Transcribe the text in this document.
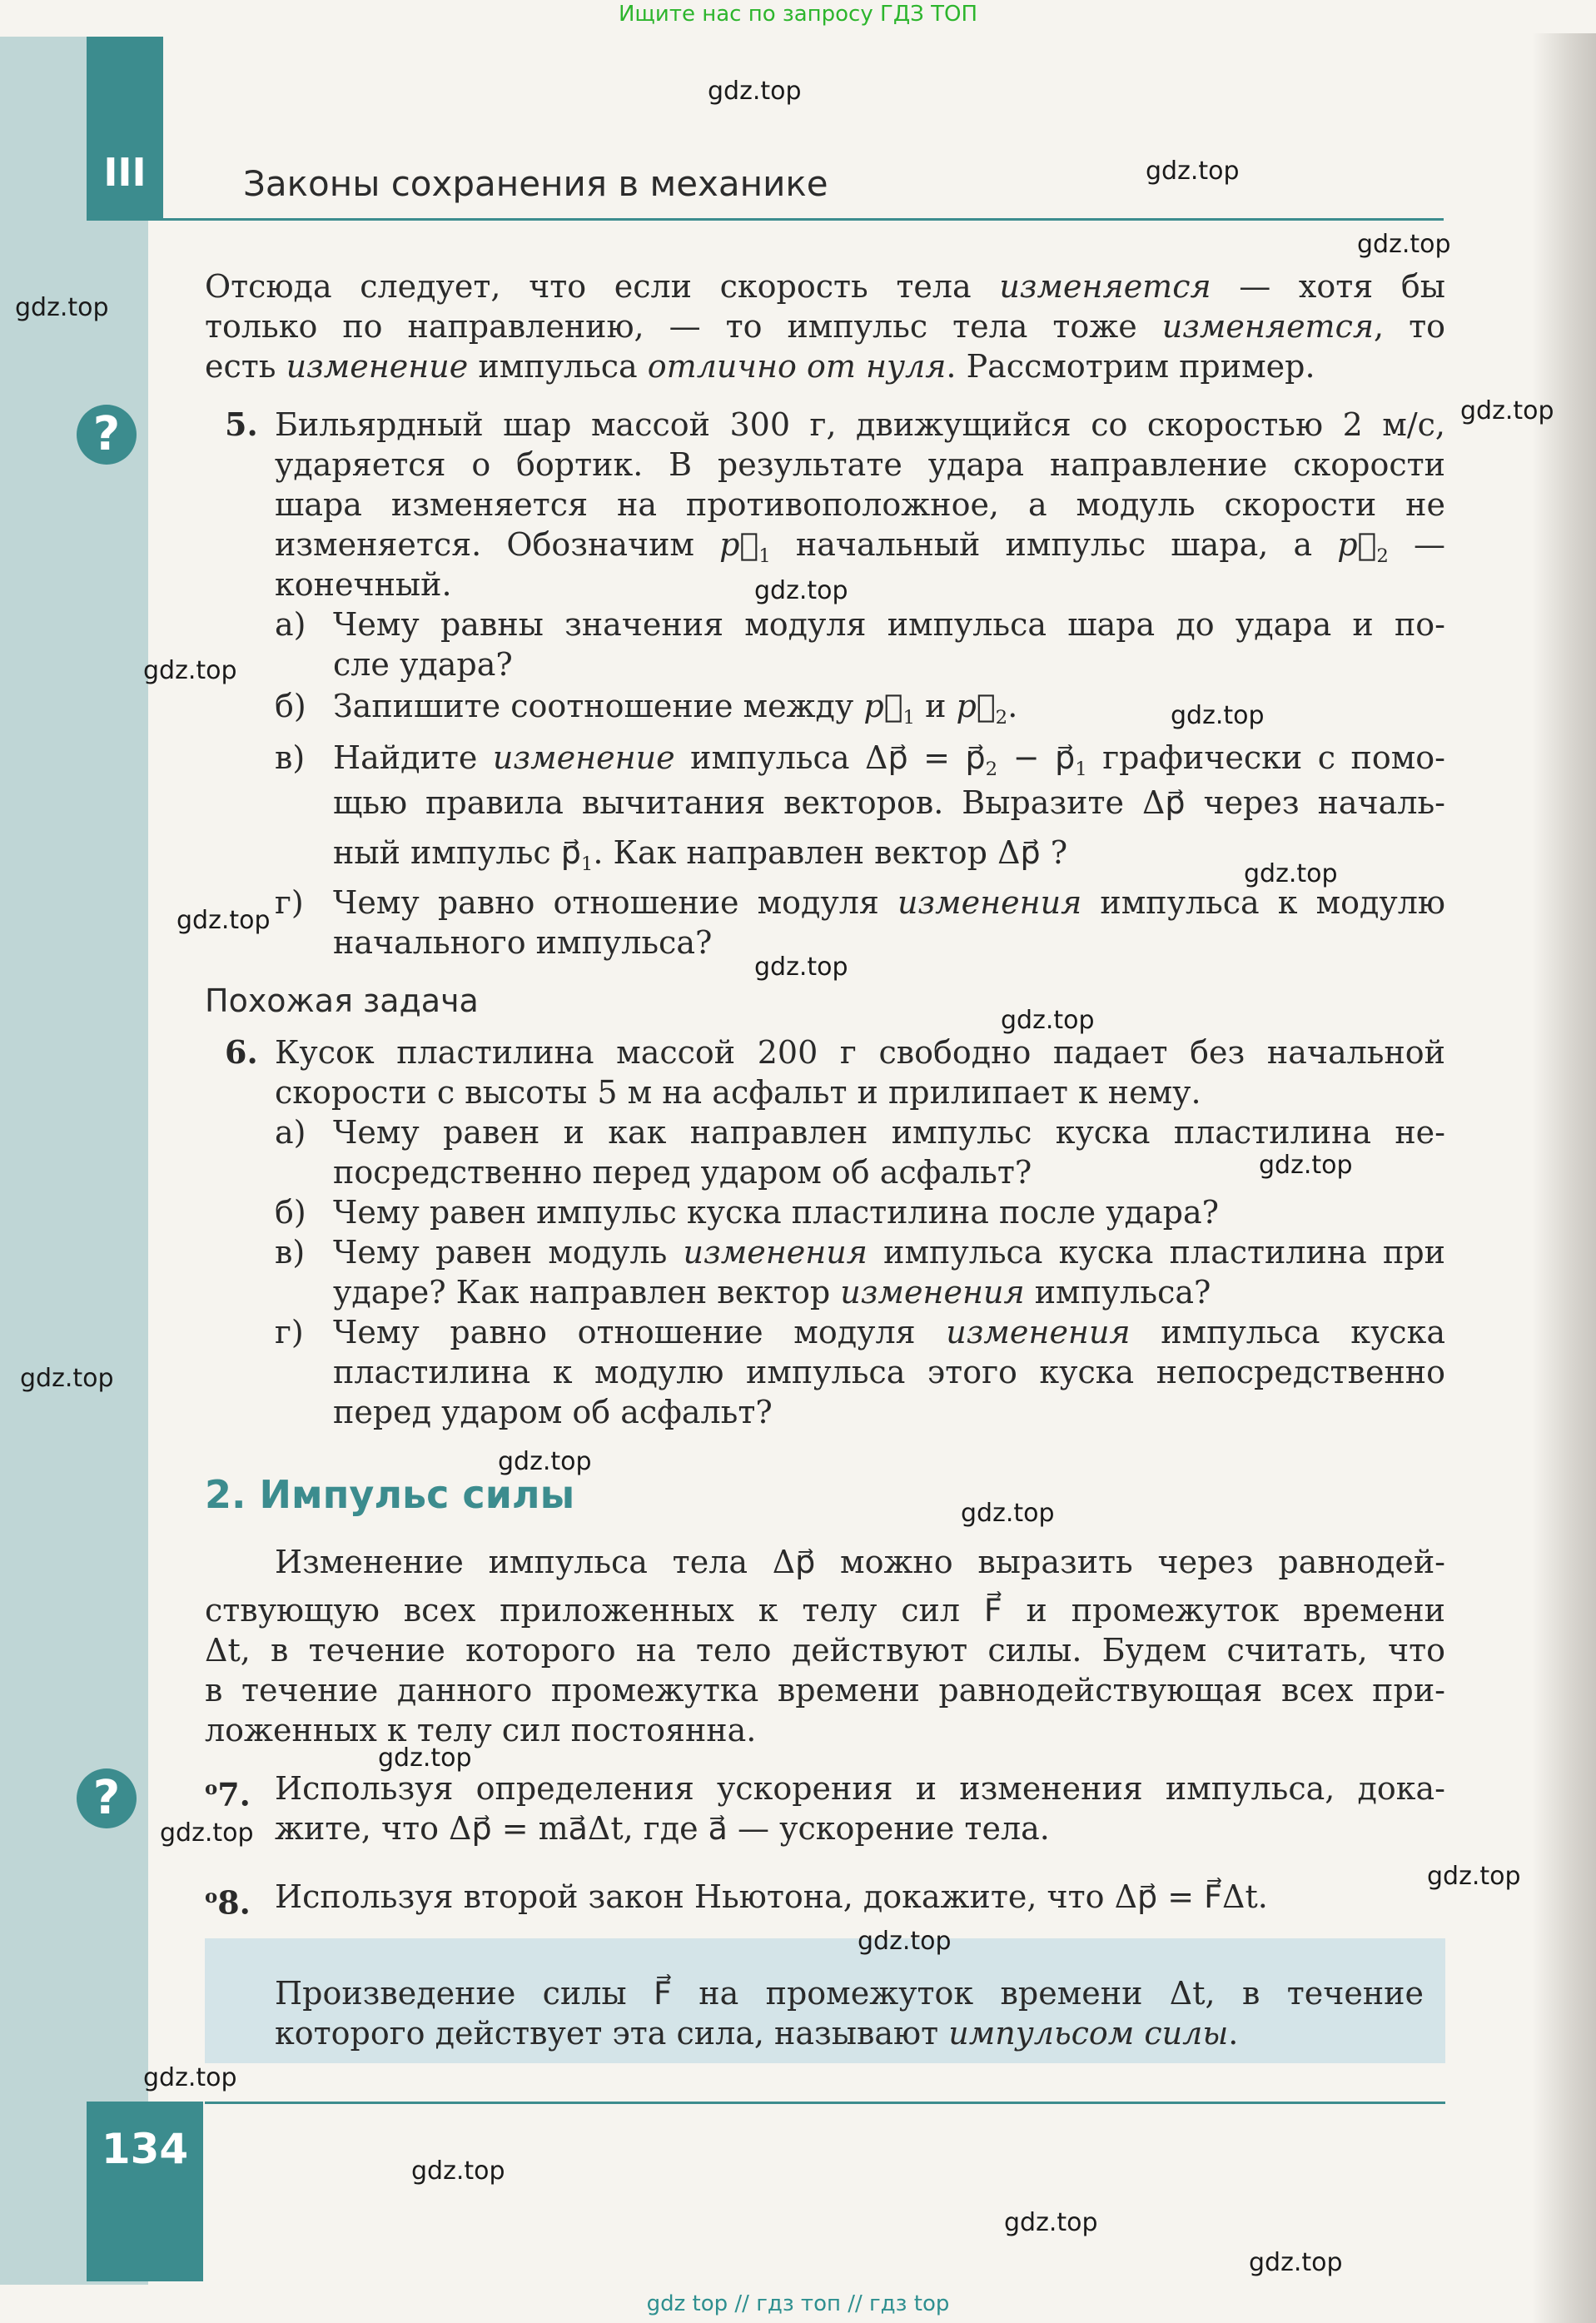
Ищите нас по запросу ГДЗ ТОП
III	Законы сохранения в механике
Отсюда следует, что если скорость тела изменяется — хотя бы
только по направлению, — то импульс тела тоже изменяется, то
есть изменение импульса отлично от нуля. Рассмотрим пример.
?	5. Бильярдный шар массой 300 г, движущийся со скоростью 2 м/с,
ударяется о бортик. В результате удара направление скорости
шара изменяется на противоположное, а модуль скорости не
изменяется. Обозначим $p⃗_1$ начальный импульс шара, а $p⃗_2$ —
конечный.
а) Чему равны значения модуля импульса шара до удара и по-
сле удара?
б) Запишите соотношение между $p⃗_1$ и $p⃗_2$.
в) Найдите изменение импульса Δp⃗ = $p⃗_2$ − $p⃗_1$ графически с помо-
щью правила вычитания векторов. Выразите Δp⃗ через началь-
ный импульс $p⃗_1$. Как направлен вектор Δp⃗ ?
г) Чему равно отношение модуля изменения импульса к модулю
начального импульса?
Похожая задача
6. Кусок пластилина массой 200 г свободно падает без начальной
скорости с высоты 5 м на асфальт и прилипает к нему.
а) Чему равен и как направлен импульс куска пластилина не-
посредственно перед ударом об асфальт?
б) Чему равен импульс куска пластилина после удара?
в) Чему равен модуль изменения импульса куска пластилина при
ударе? Как направлен вектор изменения импульса?
г) Чему равно отношение модуля изменения импульса куска
пластилина к модулю импульса этого куска непосредственно
перед ударом об асфальт?
2. Импульс силы
Изменение импульса тела Δp⃗ можно выразить через равнодей-
ствующую всех приложенных к телу сил F⃗ и промежуток времени
Δt, в течение которого на тело действуют силы. Будем считать, что
в течение данного промежутка времени равнодействующая всех при-
ложенных к телу сил постоянна.
?	$^о$7. Используя определения ускорения и изменения импульса, дока-
жите, что Δp⃗ = ma⃗Δt, где a⃗ — ускорение тела.
$^о$8. Используя второй закон Ньютона, докажите, что Δp⃗ = F⃗Δt.
Произведение силы F⃗ на промежуток времени Δt, в течение
которого действует эта сила, называют импульсом силы.
134
gdz.top
gdz.top
gdz.top
gdz.top
gdz.top
gdz.top
gdz.top
gdz.top
gdz.top
gdz.top
gdz.top
gdz.top
gdz.top
gdz.top
gdz.top
gdz.top
gdz.top
gdz.top
gdz.top
gdz.top
gdz.top
gdz.top
gdz.top
gdz.top
gdz top // гдз топ // гдз top
